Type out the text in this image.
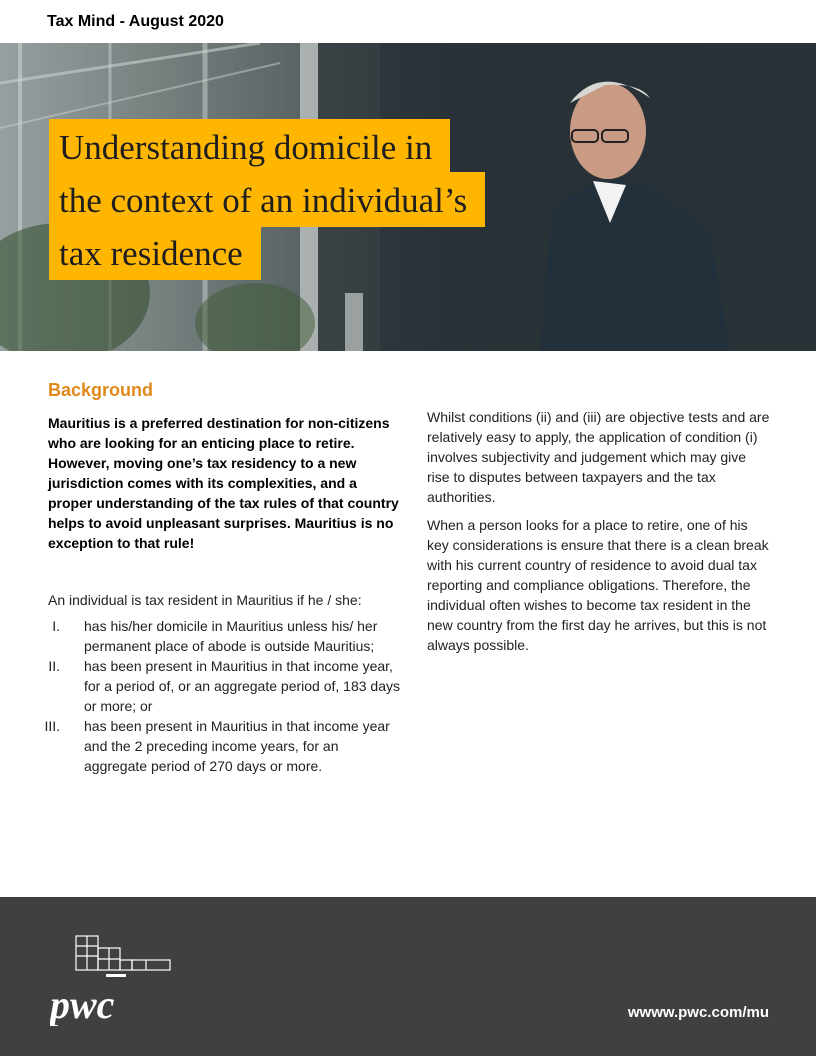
Tax Mind - August 2020
Understanding domicile in
the context of an individual’s
tax residence
Background

Mauritius is a preferred destination for non-citizens who are looking for an enticing place to retire. However, moving one’s tax residency to a new jurisdiction comes with its complexities, and a proper understanding of the tax rules of that country helps to avoid unpleasant surprises. Mauritius is no exception to that rule!

An individual is tax resident in Mauritius if he / she:

I. has his/her domicile in Mauritius unless his/ her permanent place of abode is outside Mauritius;
II. has been present in Mauritius in that income year, for a period of, or an aggregate period of, 183 days or more; or
III. has been present in Mauritius in that income year and the 2 preceding income years, for an aggregate period of 270 days or more.

Whilst conditions (ii) and (iii) are objective tests and are relatively easy to apply, the application of condition (i) involves subjectivity and judgement which may give rise to disputes between taxpayers and the tax authorities.

When a person looks for a place to retire, one of his key considerations is ensure that there is a clean break with his current country of residence to avoid dual tax reporting and compliance obligations. Therefore, the individual often wishes to become tax resident in the new country from the first day he arrives, but this is not always possible.

pwc	wwww.pwc.com/mu
